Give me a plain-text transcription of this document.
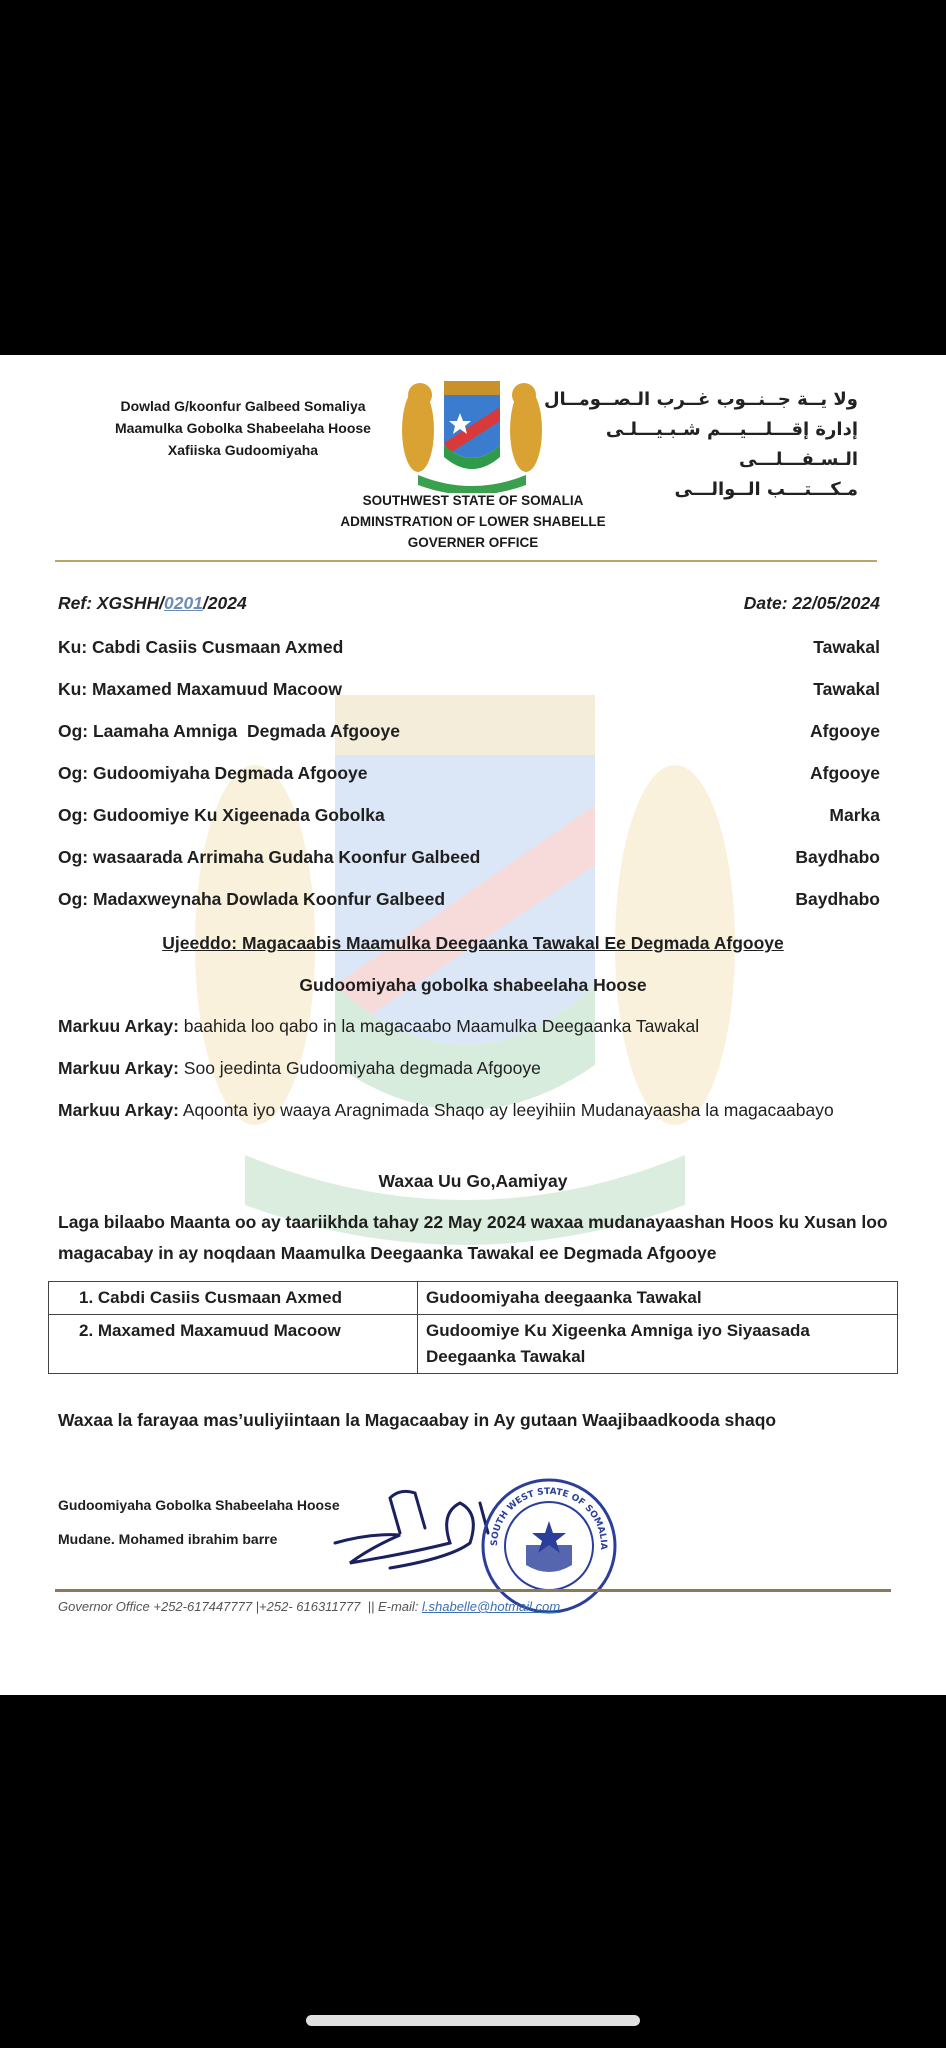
Dowlad G/koonfur Galbeed Somaliya
Maamulka Gobolka Shabeelaha Hoose
Xafiiska Gudoomiyaha
ولا يــة جــنــوب غــرب الـصــومــال
إدارة إقـــلـــيـــم شـبـيـــلـى الـسـفـــلـــى
مـكـــتـــب الــوالـــى
SOUTHWEST STATE OF SOMALIA
ADMINSTRATION OF LOWER SHABELLE
GOVERNER OFFICE
Ref: XGSHH/0201/2024	Date: 22/05/2024
Ku: Cabdi Casiis Cusmaan Axmed	Tawakal
Ku: Maxamed Maxamuud Macoow	Tawakal
Og: Laamaha Amniga  Degmada Afgooye	Afgooye
Og: Gudoomiyaha Degmada Afgooye	Afgooye
Og: Gudoomiye Ku Xigeenada Gobolka	Marka
Og: wasaarada Arrimaha Gudaha Koonfur Galbeed	Baydhabo
Og: Madaxweynaha Dowlada Koonfur Galbeed	Baydhabo
Ujeeddo: Magacaabis Maamulka Deegaanka Tawakal Ee Degmada Afgooye
Gudoomiyaha gobolka shabeelaha Hoose
Markuu Arkay: baahida loo qabo in la magacaabo Maamulka Deegaanka Tawakal
Markuu Arkay: Soo jeedinta Gudoomiyaha degmada Afgooye
Markuu Arkay: Aqoonta iyo waaya Aragnimada Shaqo ay leeyihiin Mudanayaasha la magacaabayo
Waxaa Uu Go,Aamiyay
Laga bilaabo Maanta oo ay taariikhda tahay 22 May 2024 waxaa mudanayaashan Hoos ku Xusan loo magacabay in ay noqdaan Maamulka Deegaanka Tawakal ee Degmada Afgooye
1. Cabdi Casiis Cusmaan Axmed	Gudoomiyaha deegaanka Tawakal
2. Maxamed Maxamuud Macoow	Gudoomiye Ku Xigeenka Amniga iyo Siyaasada Deegaanka Tawakal
Waxaa la farayaa mas’uuliyiintaan la Magacaabay in Ay gutaan Waajibaadkooda shaqo
Gudoomiyaha Gobolka Shabeelaha Hoose
Mudane. Mohamed ibrahim barre	SOUTH WEST STATE OF SOMALIA
Governor Office +252-617447777 |+252- 616311777  || E-mail: l.shabelle@hotmail.com
